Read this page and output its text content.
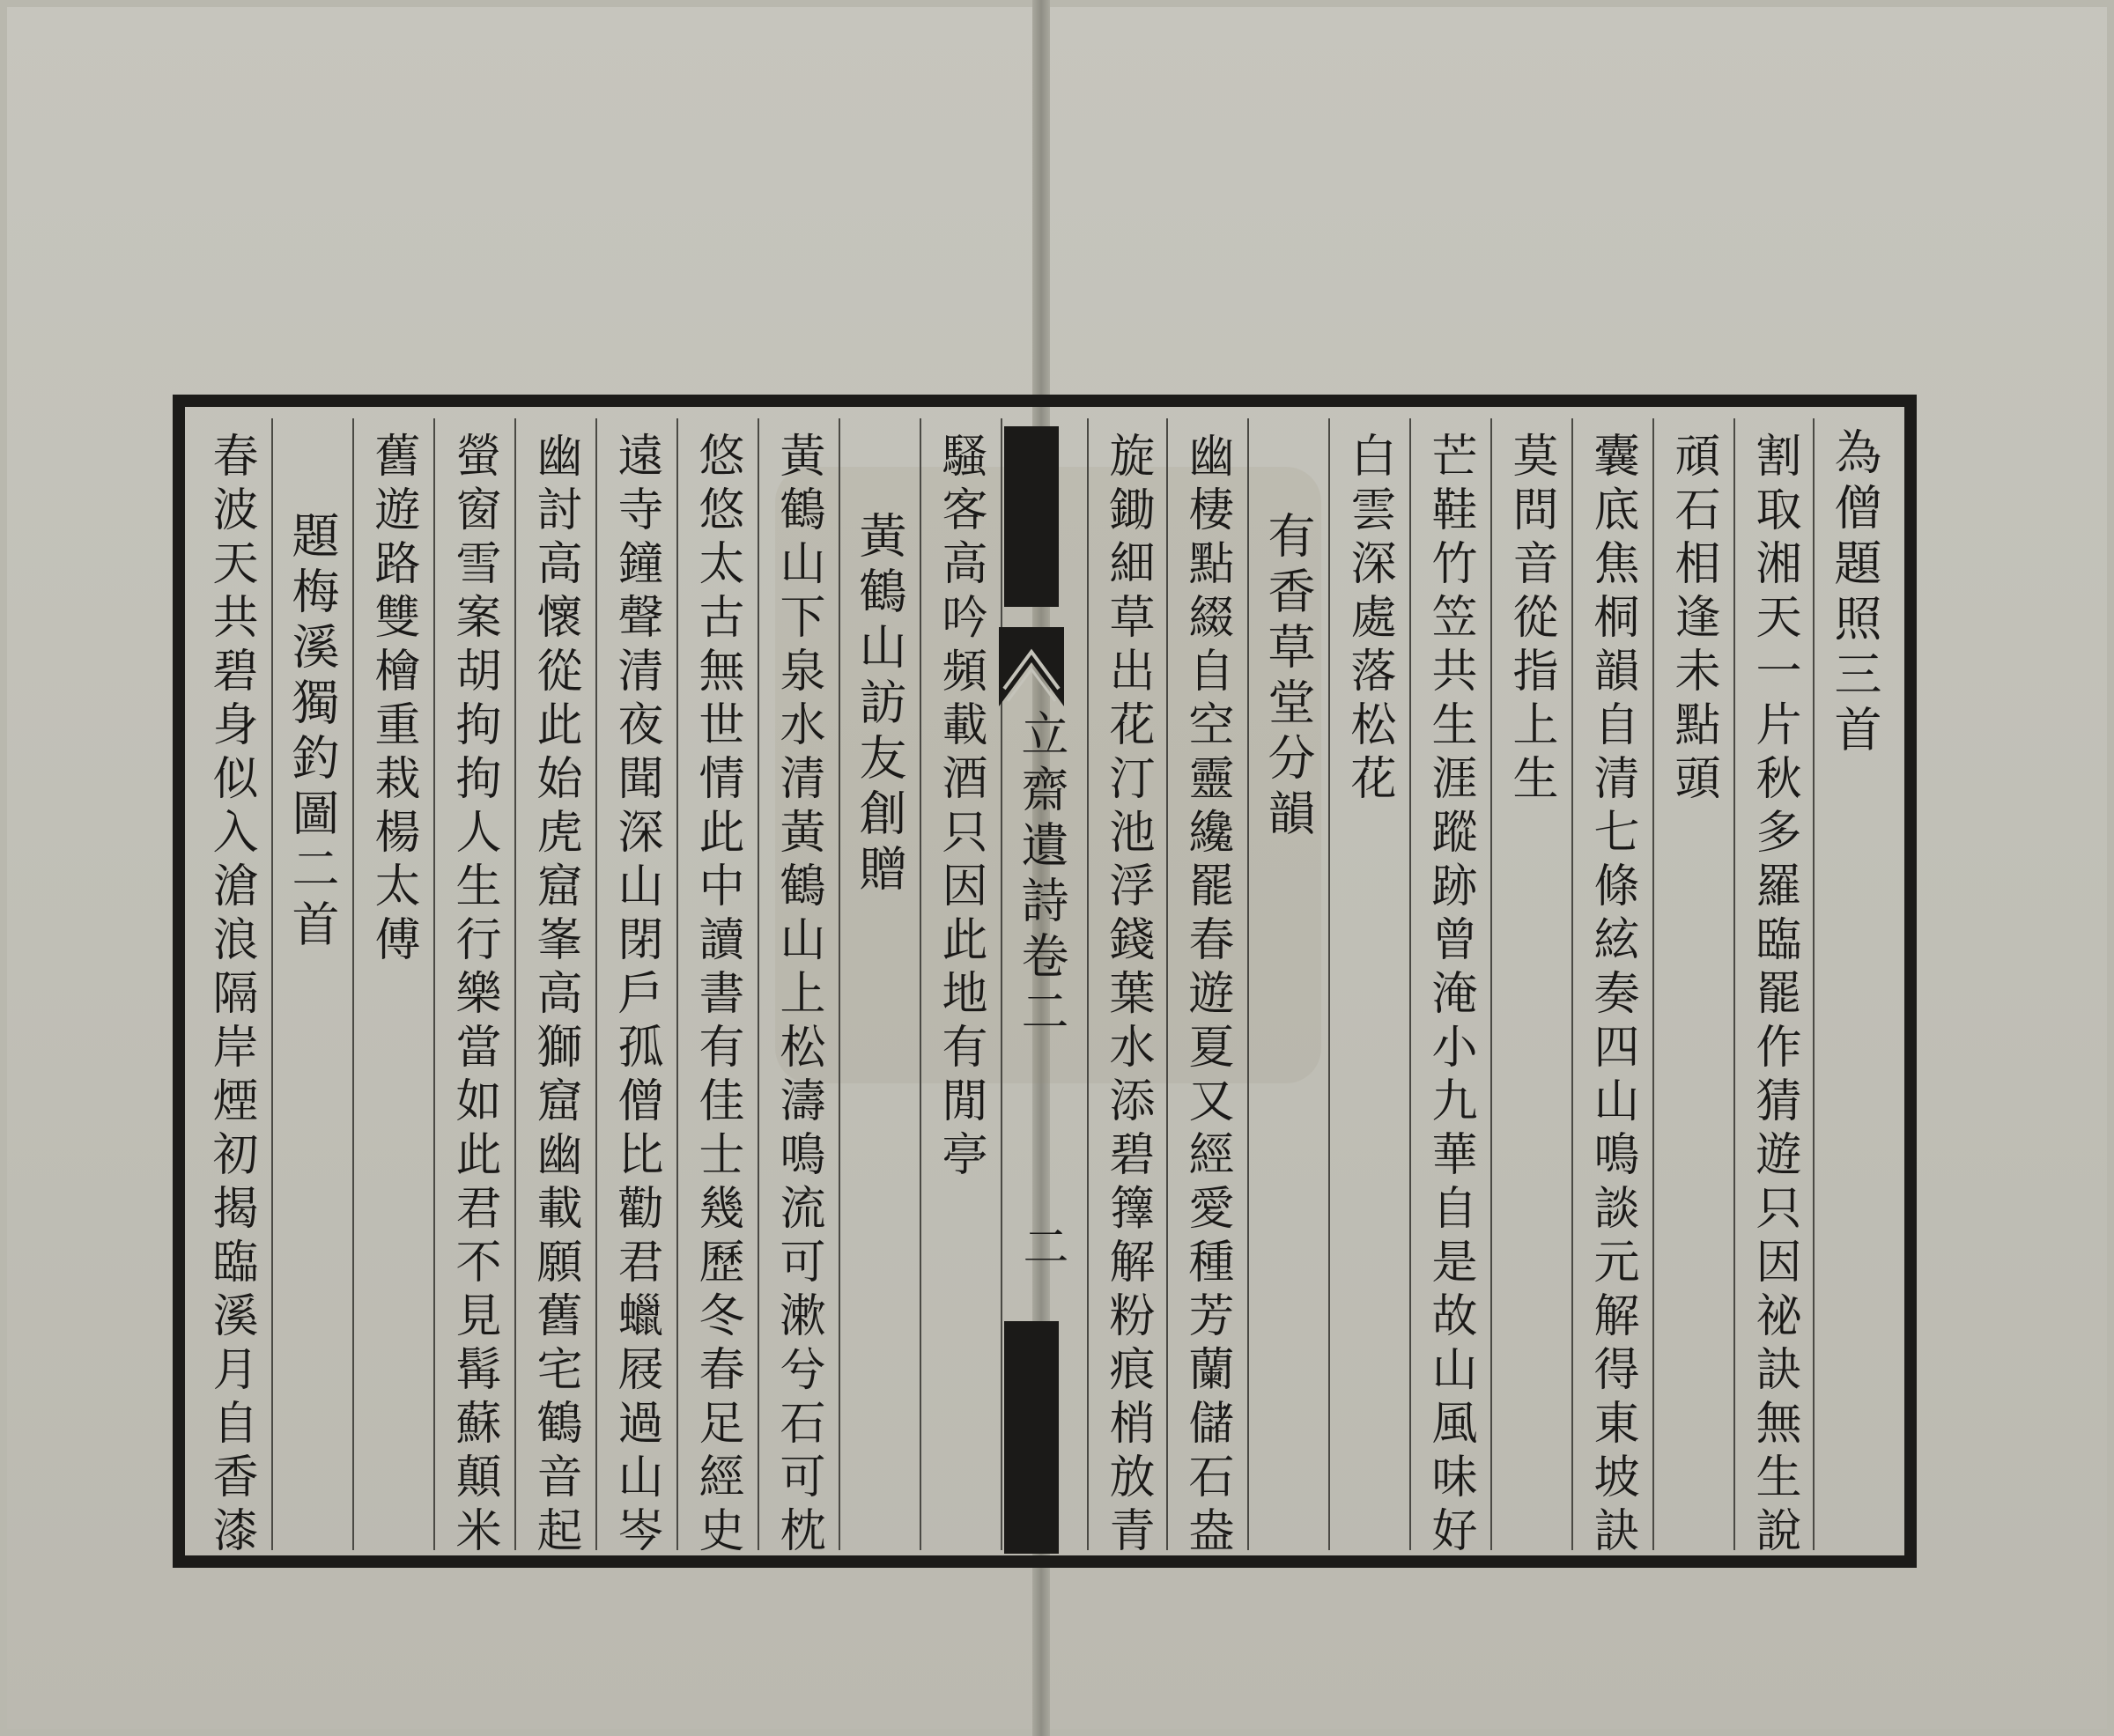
立齋遺詩卷二
二
為僧題照三首
割取湘天一片秋多羅臨罷作猜遊只因祕訣無生說
頑石相逢未點頭
囊底焦桐韻自清七條絃奏四山鳴談元解得東坡訣
莫問音從指上生
芒鞋竹笠共生涯蹤跡曾淹小九華自是故山風味好
白雲深處落松花
有香草堂分韻
幽棲點綴自空靈纔罷春遊夏又經愛種芳蘭儲石盎
旋鋤細草出花汀池浮錢葉水添碧籜解粉痕梢放青
騷客高吟頻載酒只因此地有閒亭
黃鶴山訪友創贈
黃鶴山下泉水清黃鶴山上松濤鳴流可漱兮石可枕
悠悠太古無世情此中讀書有佳士幾歷冬春足經史
遠寺鐘聲清夜聞深山閉戶孤僧比勸君蠟屐過山岑
幽討高懷從此始虎窟峯高獅窟幽載願舊宅鶴音起
螢窗雪案胡拘拘人生行樂當如此君不見髯蘇顛米
舊遊路雙檜重栽楊太傅
題梅溪獨釣圖二首
春波天共碧身似入滄浪隔岸煙初揭臨溪月自香漆
